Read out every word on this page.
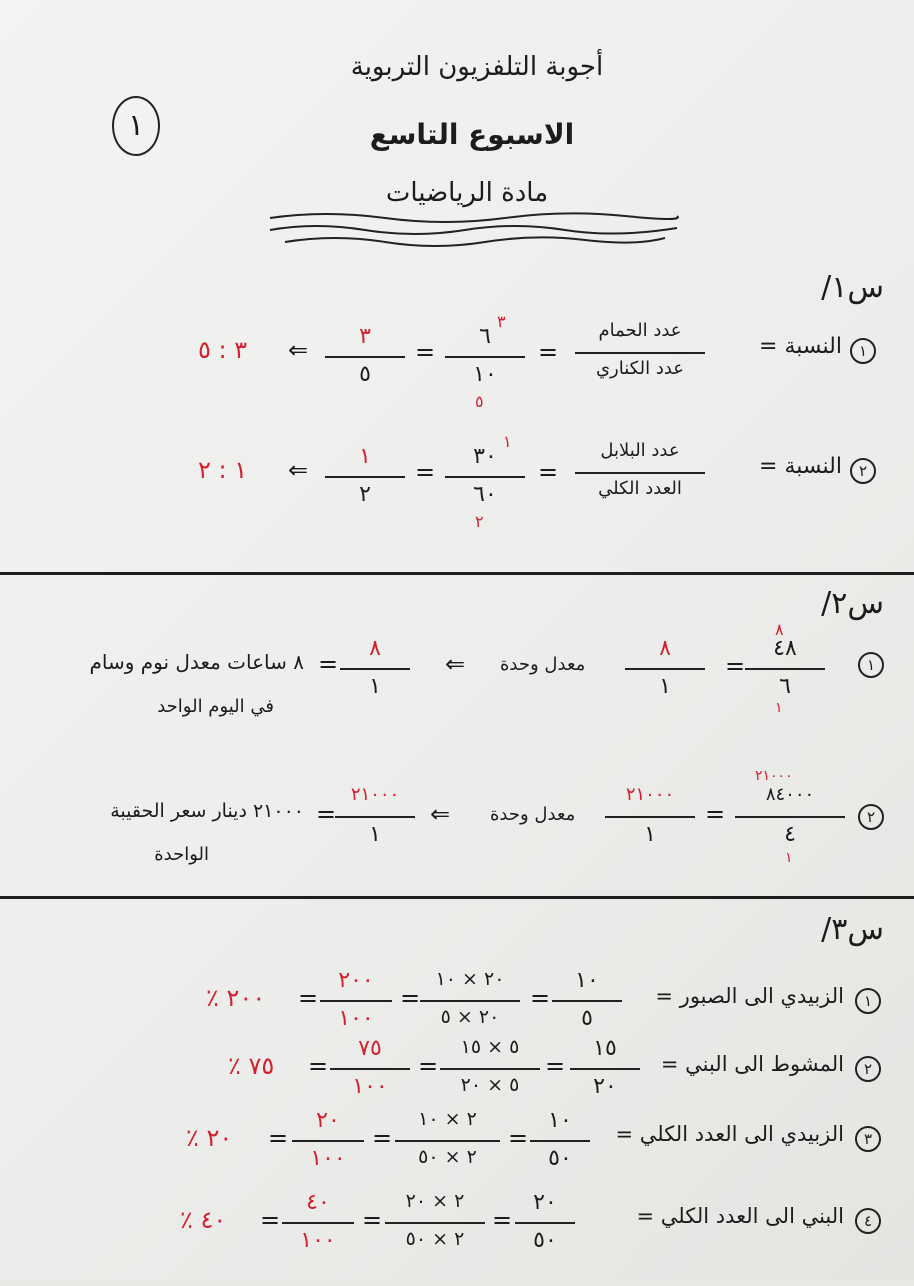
أجوبة التلفزيون التربوية
الاسبوع التاسع
مادة الرياضيات
١
س١/
١
النسبة =
عدد الحمام
عدد الكناري
=
٦
٣
١٠
٥
=
٣
٥
⇐
٣ : ٥
٢
النسبة =
عدد البلابل
العدد الكلي
=
٣٠
١
٦٠
٢
=
١
٢
⇐
١ : ٢
س٢/
١
٤٨
٨
٦
١
=
٨
١
معدل وحدة
⇐
٨
١
=
٨ ساعات معدل نوم وسام
في اليوم الواحد
٢
٨٤٠٠٠
٢١٠٠٠
٤
١
=
٢١٠٠٠
١
معدل وحدة
⇐
٢١٠٠٠
١
=
٢١٠٠٠ دينار سعر الحقيبة
الواحدة
س٣/
١
الزبيدي الى الصبور =
١٠
٥
=
٢٠ × ١٠
٢٠ × ٥
=
٢٠٠
١٠٠
=
٢٠٠ ٪
٢
المشوط الى البني =
١٥
٢٠
=
٥ × ١٥
٥ × ٢٠
=
٧٥
١٠٠
=
٧٥ ٪
٣
الزبيدي الى العدد الكلي =
١٠
٥٠
=
٢ × ١٠
٢ × ٥٠
=
٢٠
١٠٠
=
٢٠ ٪
٤
البني الى العدد الكلي =
٢٠
٥٠
=
٢ × ٢٠
٢ × ٥٠
=
٤٠
١٠٠
=
٤٠ ٪
